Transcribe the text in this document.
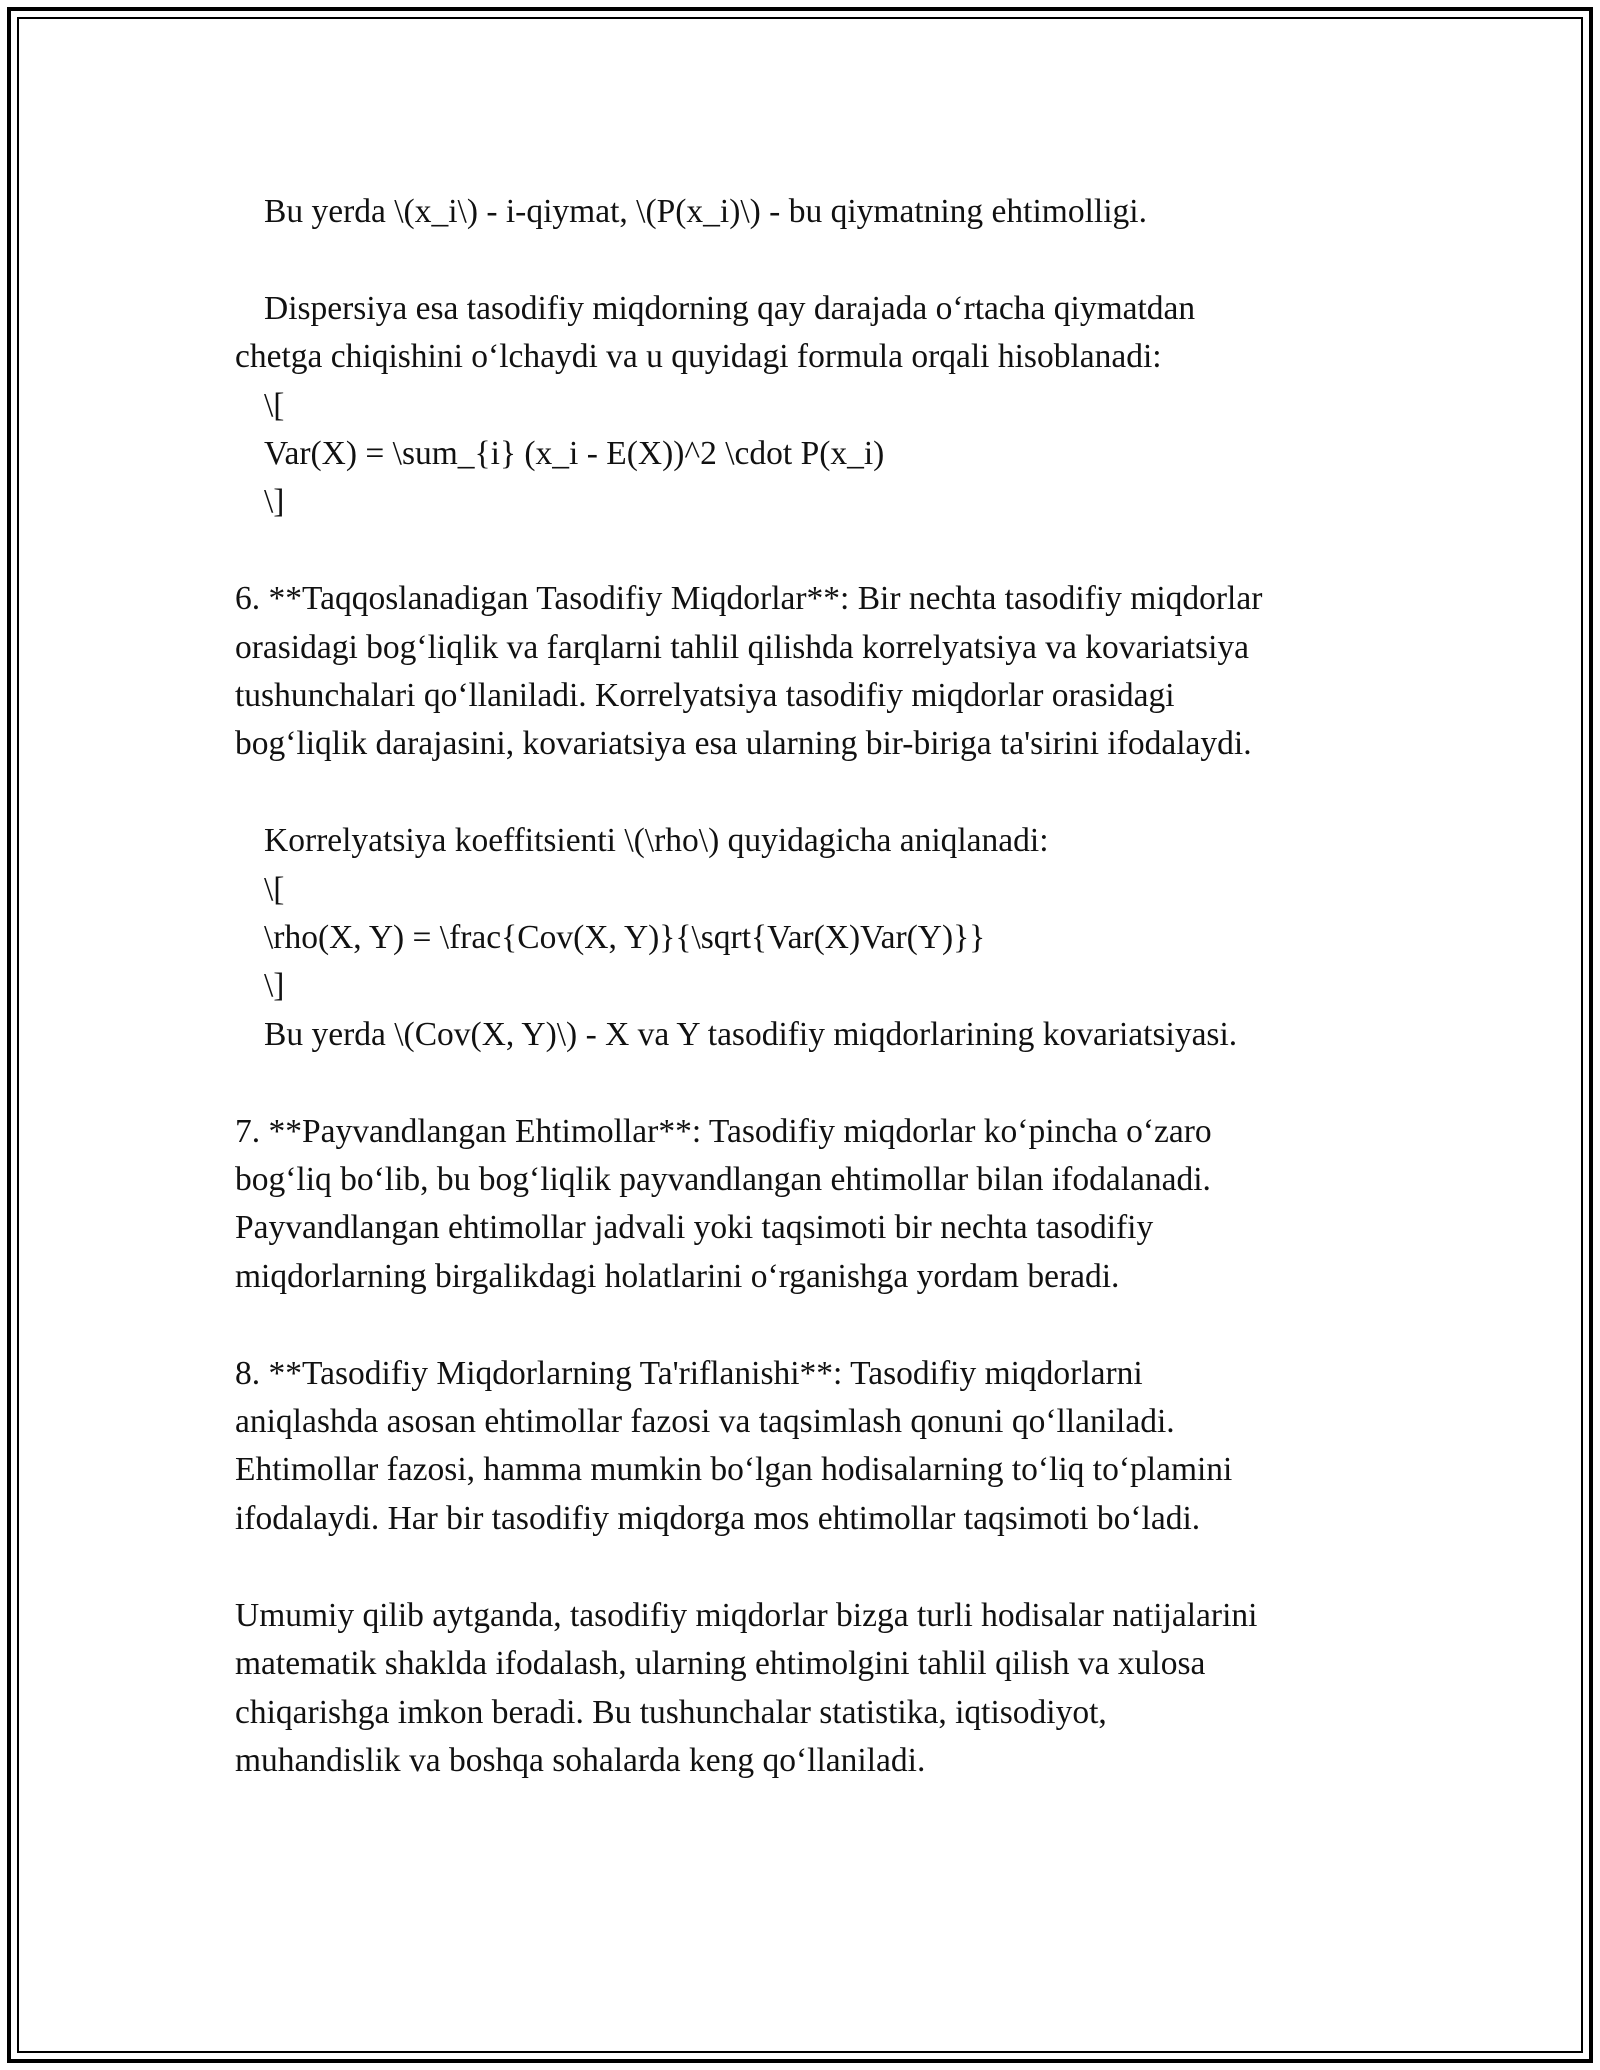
Bu yerda \(x_i\) - i-qiymat, \(P(x_i)\) - bu qiymatning ehtimolligi.
Dispersiya esa tasodifiy miqdorning qay darajada o‘rtacha qiymatdan
chetga chiqishini o‘lchaydi va u quyidagi formula orqali hisoblanadi:
\[
Var(X) = \sum_{i} (x_i - E(X))^2 \cdot P(x_i)
\]
6. **Taqqoslanadigan Tasodifiy Miqdorlar**: Bir nechta tasodifiy miqdorlar
orasidagi bog‘liqlik va farqlarni tahlil qilishda korrelyatsiya va kovariatsiya
tushunchalari qo‘llaniladi. Korrelyatsiya tasodifiy miqdorlar orasidagi
bog‘liqlik darajasini, kovariatsiya esa ularning bir-biriga ta'sirini ifodalaydi.
Korrelyatsiya koeffitsienti \(\rho\) quyidagicha aniqlanadi:
\[
\rho(X, Y) = \frac{Cov(X, Y)}{\sqrt{Var(X)Var(Y)}}
\]
Bu yerda \(Cov(X, Y)\) - X va Y tasodifiy miqdorlarining kovariatsiyasi.
7. **Payvandlangan Ehtimollar**: Tasodifiy miqdorlar ko‘pincha o‘zaro
bog‘liq bo‘lib, bu bog‘liqlik payvandlangan ehtimollar bilan ifodalanadi.
Payvandlangan ehtimollar jadvali yoki taqsimoti bir nechta tasodifiy
miqdorlarning birgalikdagi holatlarini o‘rganishga yordam beradi.
8. **Tasodifiy Miqdorlarning Ta'riflanishi**: Tasodifiy miqdorlarni
aniqlashda asosan ehtimollar fazosi va taqsimlash qonuni qo‘llaniladi.
Ehtimollar fazosi, hamma mumkin bo‘lgan hodisalarning to‘liq to‘plamini
ifodalaydi. Har bir tasodifiy miqdorga mos ehtimollar taqsimoti bo‘ladi.
Umumiy qilib aytganda, tasodifiy miqdorlar bizga turli hodisalar natijalarini
matematik shaklda ifodalash, ularning ehtimolgini tahlil qilish va xulosa
chiqarishga imkon beradi. Bu tushunchalar statistika, iqtisodiyot,
muhandislik va boshqa sohalarda keng qo‘llaniladi.
